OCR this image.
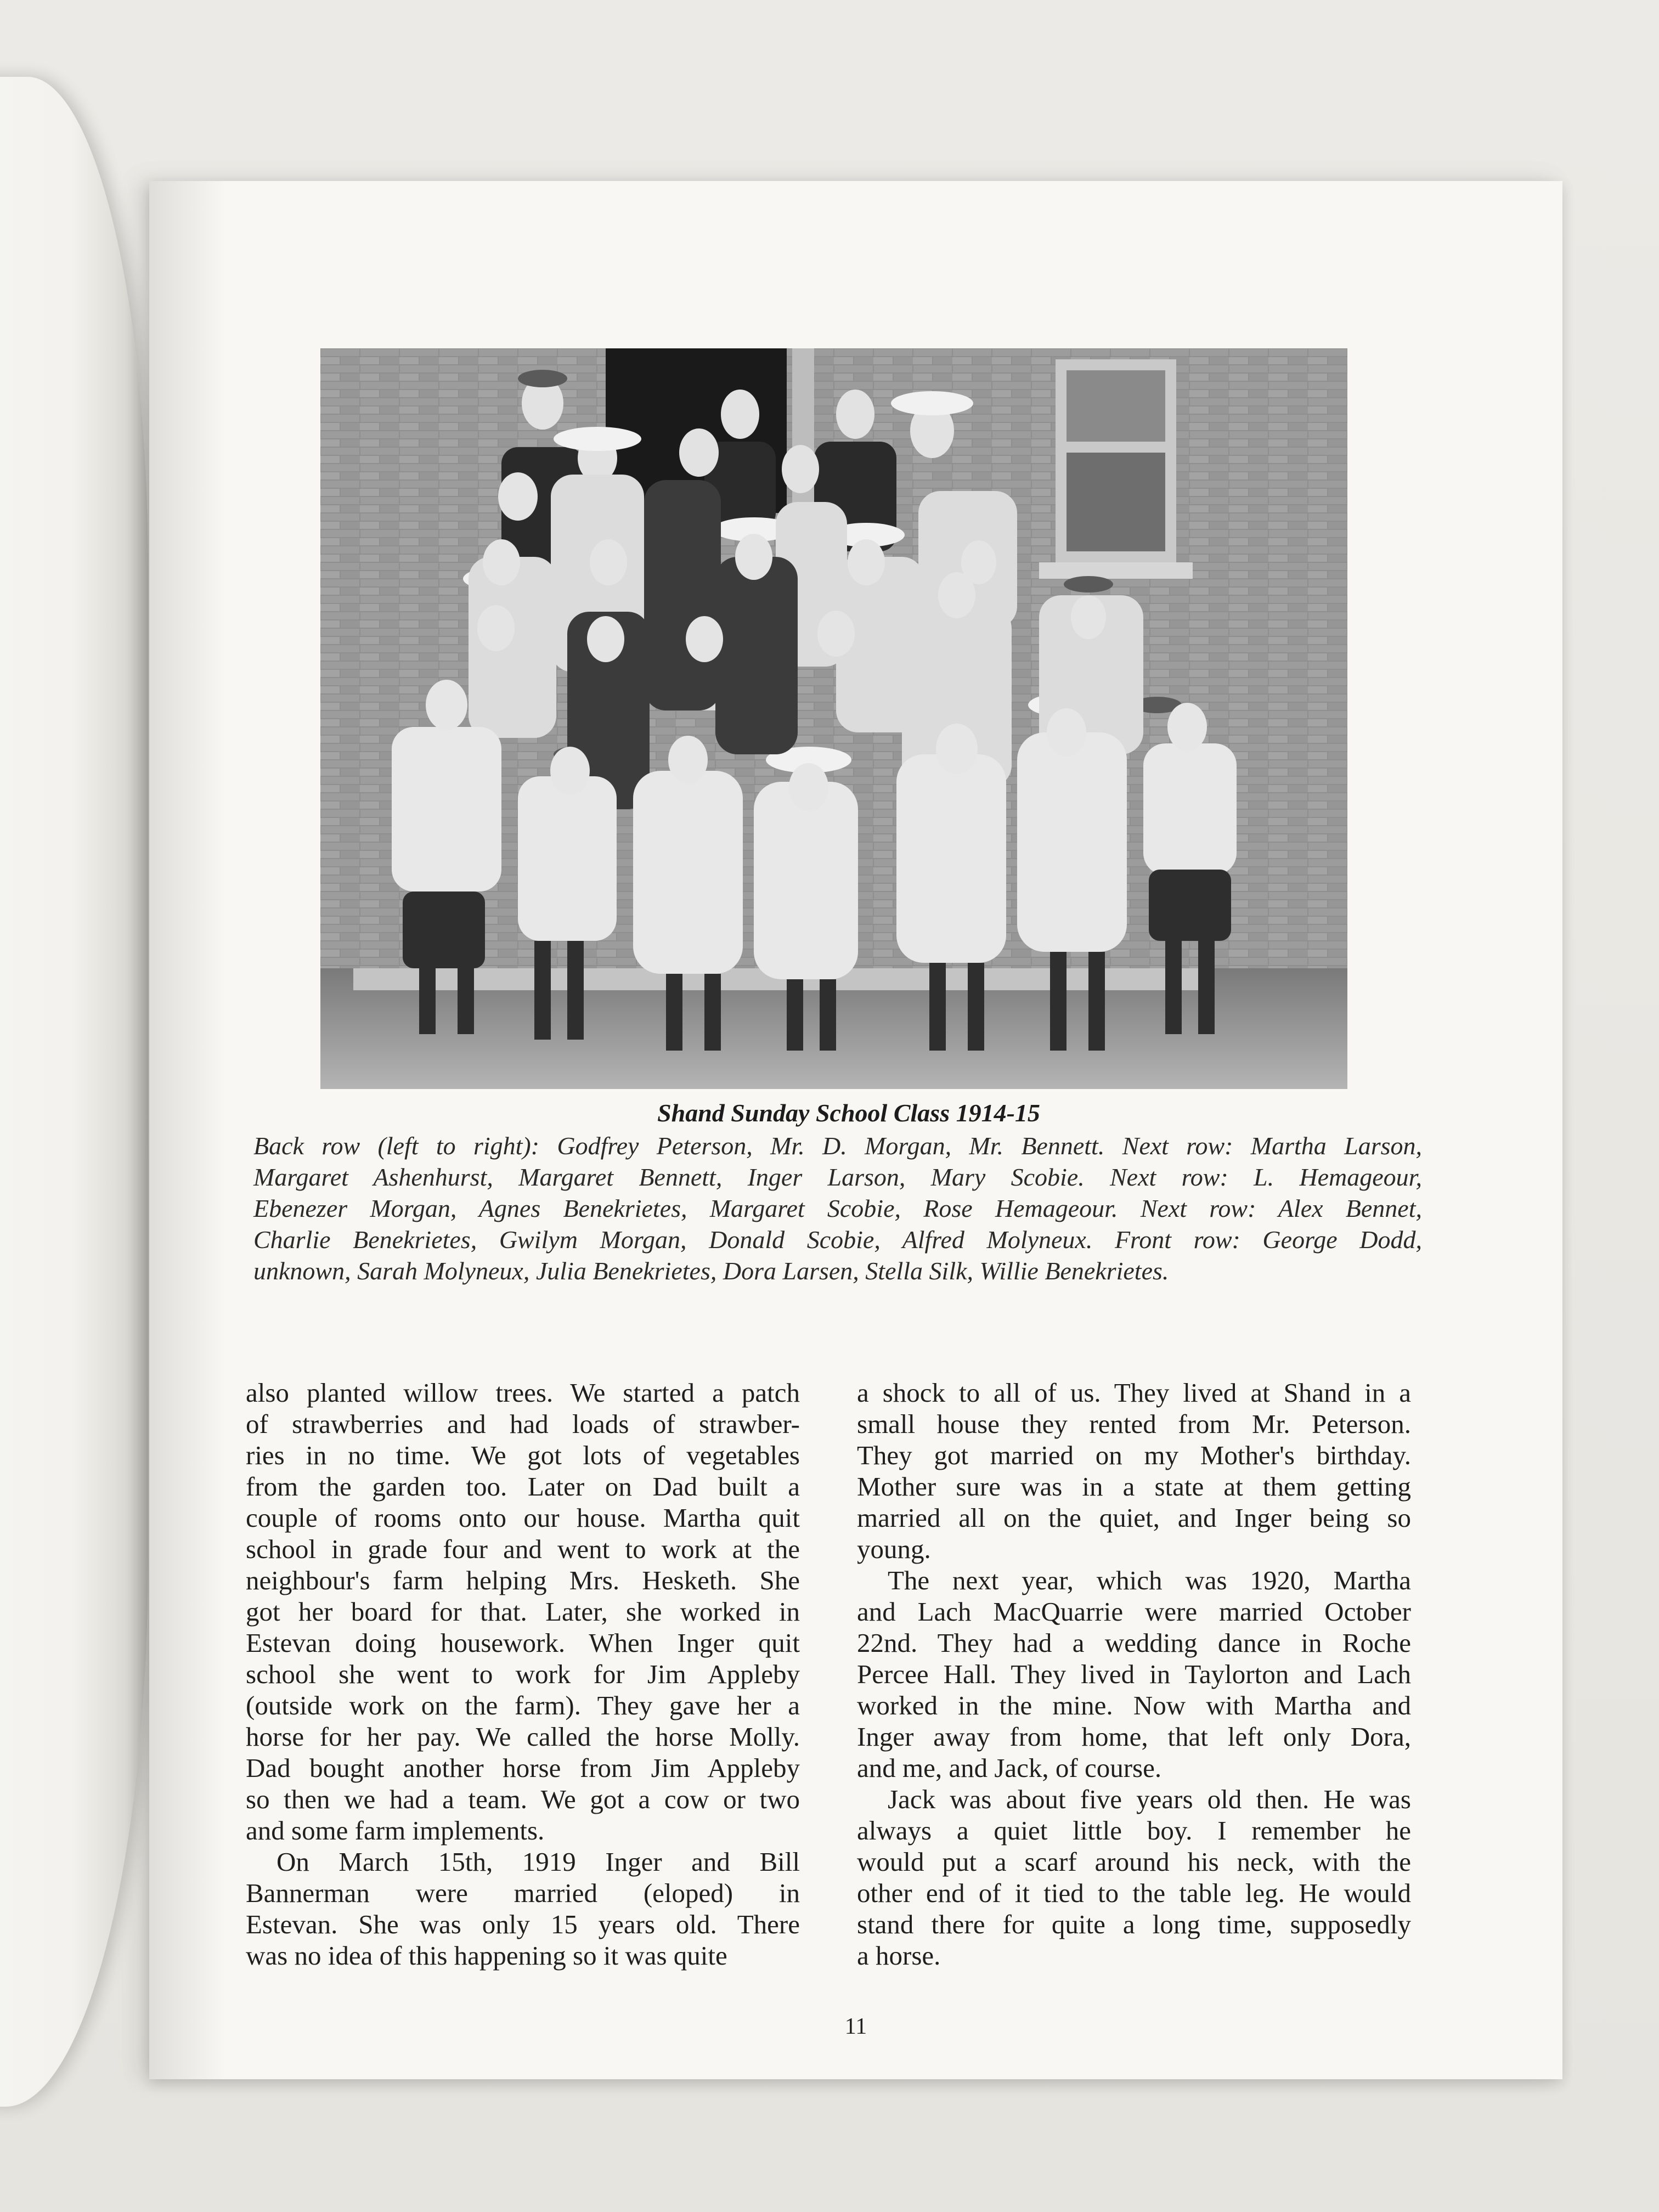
Shand Sunday School Class 1914-15
Back row (left to right): Godfrey Peterson, Mr. D. Morgan, Mr. Bennett. Next row: Martha Larson,
Margaret Ashenhurst, Margaret Bennett, Inger Larson, Mary Scobie. Next row: L. Hemageour,
Ebenezer Morgan, Agnes Benekrietes, Margaret Scobie, Rose Hemageour. Next row: Alex Bennet,
Charlie Benekrietes, Gwilym Morgan, Donald Scobie, Alfred Molyneux. Front row: George Dodd,
unknown, Sarah Molyneux, Julia Benekrietes, Dora Larsen, Stella Silk, Willie Benekrietes.
also planted willow trees. We started a patch
of strawberries and had loads of strawber-
ries in no time. We got lots of vegetables
from the garden too. Later on Dad built a
couple of rooms onto our house. Martha quit
school in grade four and went to work at the
neighbour's farm helping Mrs. Hesketh. She
got her board for that. Later, she worked in
Estevan doing housework. When Inger quit
school she went to work for Jim Appleby
(outside work on the farm). They gave her a
horse for her pay. We called the horse Molly.
Dad bought another horse from Jim Appleby
so then we had a team. We got a cow or two
and some farm implements.
On March 15th, 1919 Inger and Bill
Bannerman were married (eloped) in
Estevan. She was only 15 years old. There
was no idea of this happening so it was quite
a shock to all of us. They lived at Shand in a
small house they rented from Mr. Peterson.
They got married on my Mother's birthday.
Mother sure was in a state at them getting
married all on the quiet, and Inger being so
young.
The next year, which was 1920, Martha
and Lach MacQuarrie were married October
22nd. They had a wedding dance in Roche
Percee Hall. They lived in Taylorton and Lach
worked in the mine. Now with Martha and
Inger away from home, that left only Dora,
and me, and Jack, of course.
Jack was about five years old then. He was
always a quiet little boy. I remember he
would put a scarf around his neck, with the
other end of it tied to the table leg. He would
stand there for quite a long time, supposedly
a horse.
11
